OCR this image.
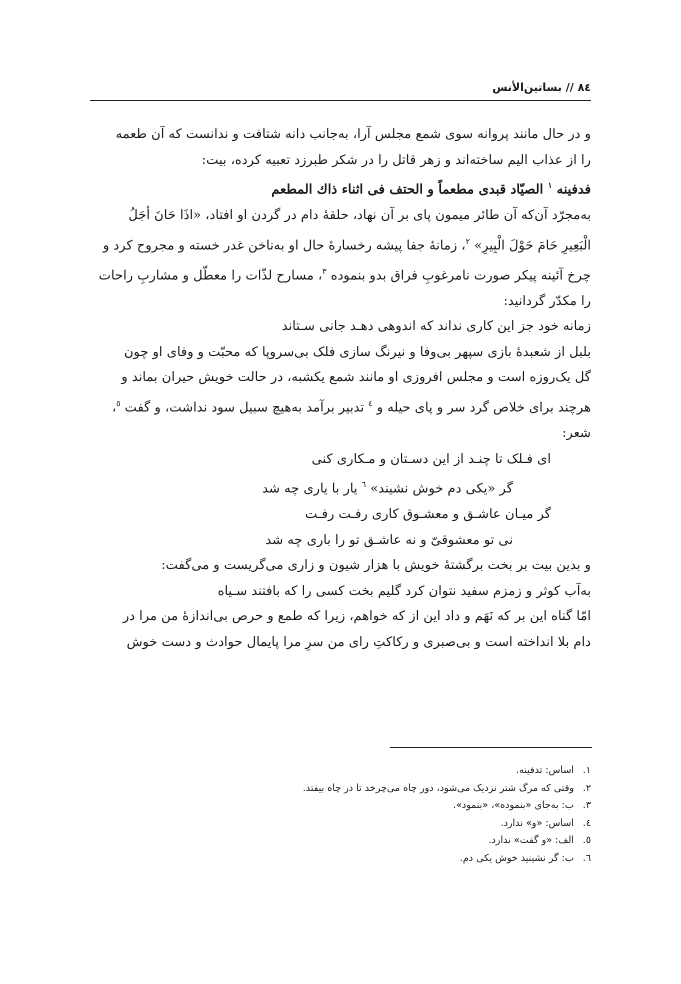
٨٤ // بساتین‌الأنس
و در حال مانند پروانه سوی شمع مجلس آرا، به‌جانب دانه شتافت و ندانست که آن طعمه
را از عذاب الیم ساخته‌اند و زهر قاتل را در شکر طبرزد تعبیه کرده، بیت:
فدفینه $^١$ الصیّاد قبدی مطعماً و الحتف فی اثناء ذاك المطعم
به‌مجرّد آن‌که آن طائر میمون پای بر آن نهاد، حلقهٔ دام در گردن او افتاد، «اذَا حَانَ أجَلُ
الْبَعِیرِ حَامَ حَوْلَ الْبِیرِ» $^٢$، زمانهٔ جفا پیشه رخسارهٔ حال او به‌ناخن غدر خسته و مجروح کرد و
چرخ آئینه پیکر صورت نامرغوبِ فراق بدو بنموده $^٣$، مسارح لذّات را معطّل و مشاربِ راحات
را مکدّر گردانید:
زمانه خود جز این کاری نداند که اندوهی دهـد جانی سـتاند
بلبل از شعبدهٔ بازی سپهر بی‌وفا و نیرنگ سازی فلک بی‌سروپا که محبّت و وفای او چون
گل یک‌روزه است و مجلس افروزی او مانند شمع یکشبه، در حالت خویش حیران بماند و
هرچند برای خلاص گرد سر و پای حیله و $^٤$ تدبیر برآمد به‌هیچ سبیل سود نداشت، و گفت $^٥$،
شعر:
ای فـلک تا چنـد از این دسـتان و مـکاری کنی
گر «یکی دم خوش نشیند» $^٦$ یار با یاری چه شد
گر میـان عاشـق و معشـوق کاری رفـت رفـت
نی تو معشوقیّ و نه عاشـق تو را باری چه شد
و بدین بیت بر بخت برگشتهٔ خویش با هزار شیون و زاری می‌گریست و می‌گفت:
به‌آب کوثر و زمزم سفید نتوان کرد گلیم بخت کسی را که بافتند سـیاه
امّا گناه این بر که نَهَم و داد این از که خواهم، زیرا که طمع و حرص بی‌اندازهٔ من مرا در
دام بلا انداخته است و بی‌صبری و رکاکتِ رای من سرِ مرا پایمال حوادث و دست خوش
١. اساس: تدفینه.
٢. وقتی که مرگ شتر نزدیک می‌شود، دور چاه می‌چرخد تا در چاه بیفتد.
٣. ب: به‌جای «بنموده»، «بنمود».
٤. اساس: «و» ندارد.
٥. الف: «و گفت» ندارد.
٦. ب: گر نشینید خوش یکی دم.
